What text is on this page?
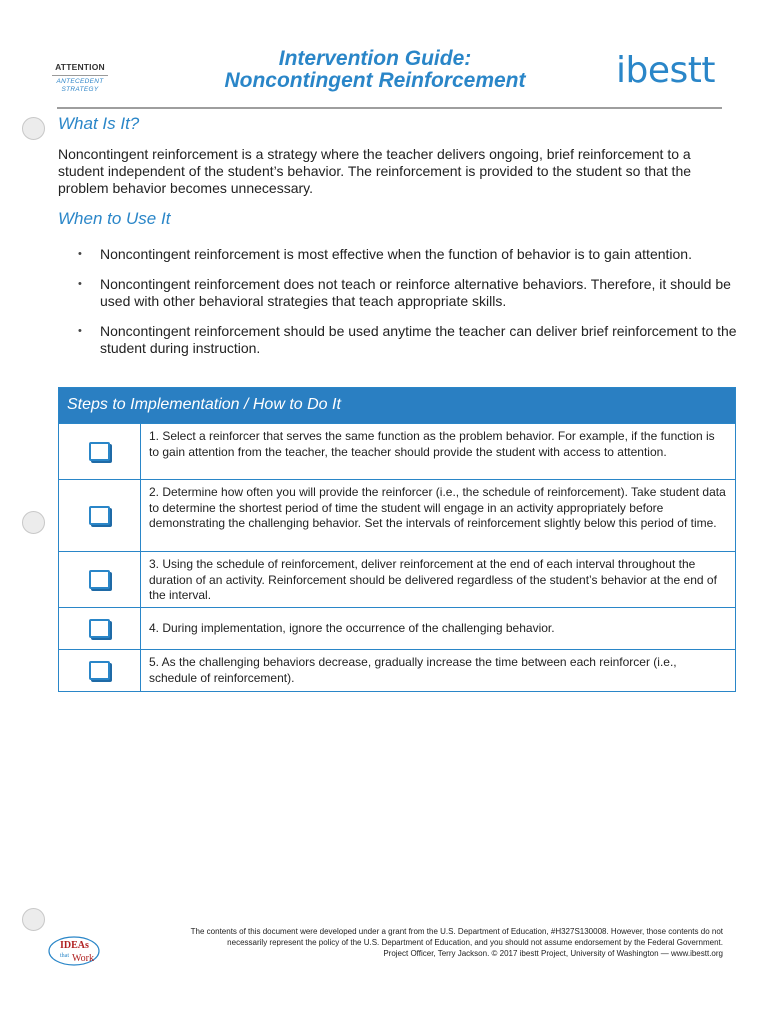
ATTENTION
ANTECEDENT
STRATEGY
Intervention Guide:
Noncontingent Reinforcement	ibestt
What Is It?
Noncontingent reinforcement is a strategy where the teacher delivers ongoing, brief reinforcement to a student independent of the student’s behavior. The reinforcement is provided to the student so that the problem behavior becomes unnecessary.
When to Use It
• Noncontingent reinforcement is most effective when the function of behavior is to gain attention.
• Noncontingent reinforcement does not teach or reinforce alternative behaviors. Therefore, it should be used with other behavioral strategies that teach appropriate skills.
• Noncontingent reinforcement should be used anytime the teacher can deliver brief reinforcement to the student during instruction.
Steps to Implementation / How to Do It
1. Select a reinforcer that serves the same function as the problem behavior. For example, if the function is to gain attention from the teacher, the teacher should provide the student with access to attention.
2. Determine how often you will provide the reinforcer (i.e., the schedule of reinforcement). Take student data to determine the shortest period of time the student will engage in an activity appropriately before demonstrating the challenging behavior. Set the intervals of reinforcement slightly below this period of time.
3. Using the schedule of reinforcement, deliver reinforcement at the end of each interval throughout the duration of an activity. Reinforcement should be delivered regardless of the student’s behavior at the end of the interval.
4. During implementation, ignore the occurrence of the challenging behavior.
5. As the challenging behaviors decrease, gradually increase the time between each reinforcer (i.e., schedule of reinforcement).
IDEAs
that Work
The contents of this document were developed under a grant from the U.S. Department of Education, #H327S130008. However, those contents do not
necessarily represent the policy of the U.S. Department of Education, and you should not assume endorsement by the Federal Government.
Project Officer, Terry Jackson. © 2017 ibestt Project, University of Washington — www.ibestt.org
